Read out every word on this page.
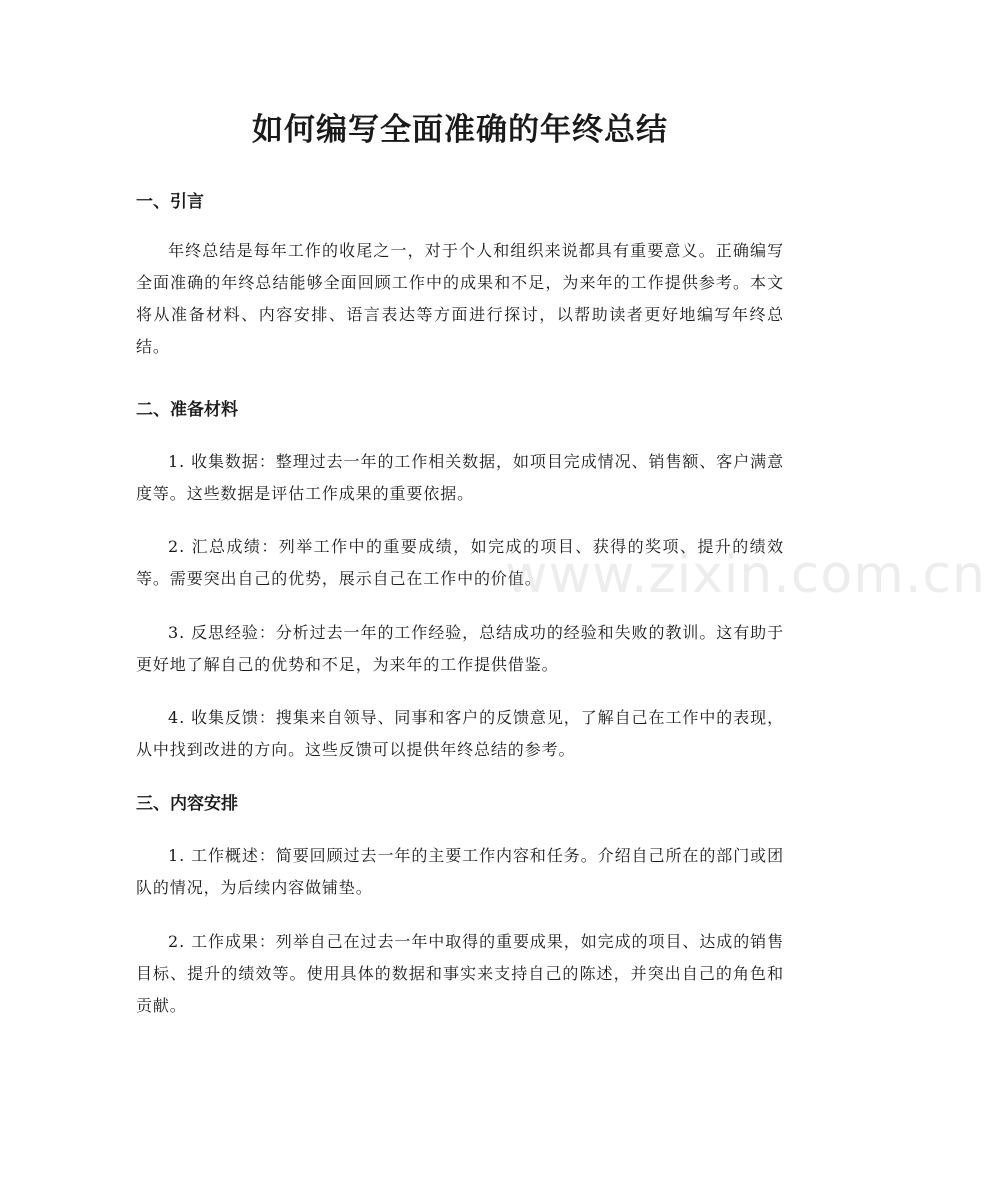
如何编写全面准确的年终总结
一、引言

年终总结是每年工作的收尾之一，对于个人和组织来说都具有重要意义。正确编写全面准确的年终总结能够全面回顾工作中的成果和不足，为来年的工作提供参考。本文将从准备材料、内容安排、语言表达等方面进行探讨，以帮助读者更好地编写年终总结。

二、准备材料

1. 收集数据：整理过去一年的工作相关数据，如项目完成情况、销售额、客户满意度等。这些数据是评估工作成果的重要依据。

2. 汇总成绩：列举工作中的重要成绩，如完成的项目、获得的奖项、提升的绩效等。需要突出自己的优势，展示自己在工作中的价值。

3. 反思经验：分析过去一年的工作经验，总结成功的经验和失败的教训。这有助于更好地了解自己的优势和不足，为来年的工作提供借鉴。

4. 收集反馈：搜集来自领导、同事和客户的反馈意见，了解自己在工作中的表现，从中找到改进的方向。这些反馈可以提供年终总结的参考。

三、内容安排

1. 工作概述：简要回顾过去一年的主要工作内容和任务。介绍自己所在的部门或团队的情况，为后续内容做铺垫。

2. 工作成果：列举自己在过去一年中取得的重要成果，如完成的项目、达成的销售目标、提升的绩效等。使用具体的数据和事实来支持自己的陈述，并突出自己的角色和贡献。

www.zixin.com.cn
